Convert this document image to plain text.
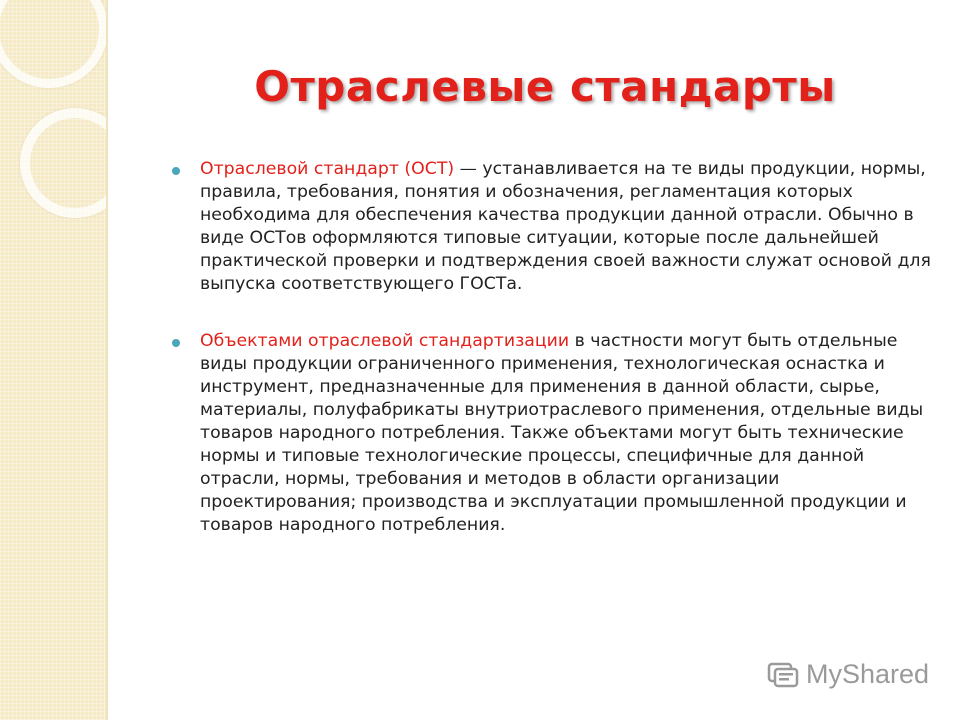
Отраслевые стандарты
Отраслевой стандарт (ОСТ) — устанавливается на те виды продукции, нормы, правила, требования, понятия и обозначения, регламентация которых необходима для обеспечения качества продукции данной отрасли. Обычно в виде ОСТов оформляются типовые ситуации, которые после дальнейшей практической проверки и подтверждения своей важности служат основой для выпуска соответствующего ГОСТа.
Объектами отраслевой стандартизации в частности могут быть отдельные виды продукции ограниченного применения, технологическая оснастка и инструмент, предназначенные для применения в данной области, сырье, материалы, полуфабрикаты внутриотраслевого применения, отдельные виды товаров народного потребления. Также объектами могут быть технические нормы и типовые технологические процессы, специфичные для данной отрасли, нормы, требования и методов в области организации проектирования; производства и эксплуатации промышленной продукции и товаров народного потребления.
MyShared
